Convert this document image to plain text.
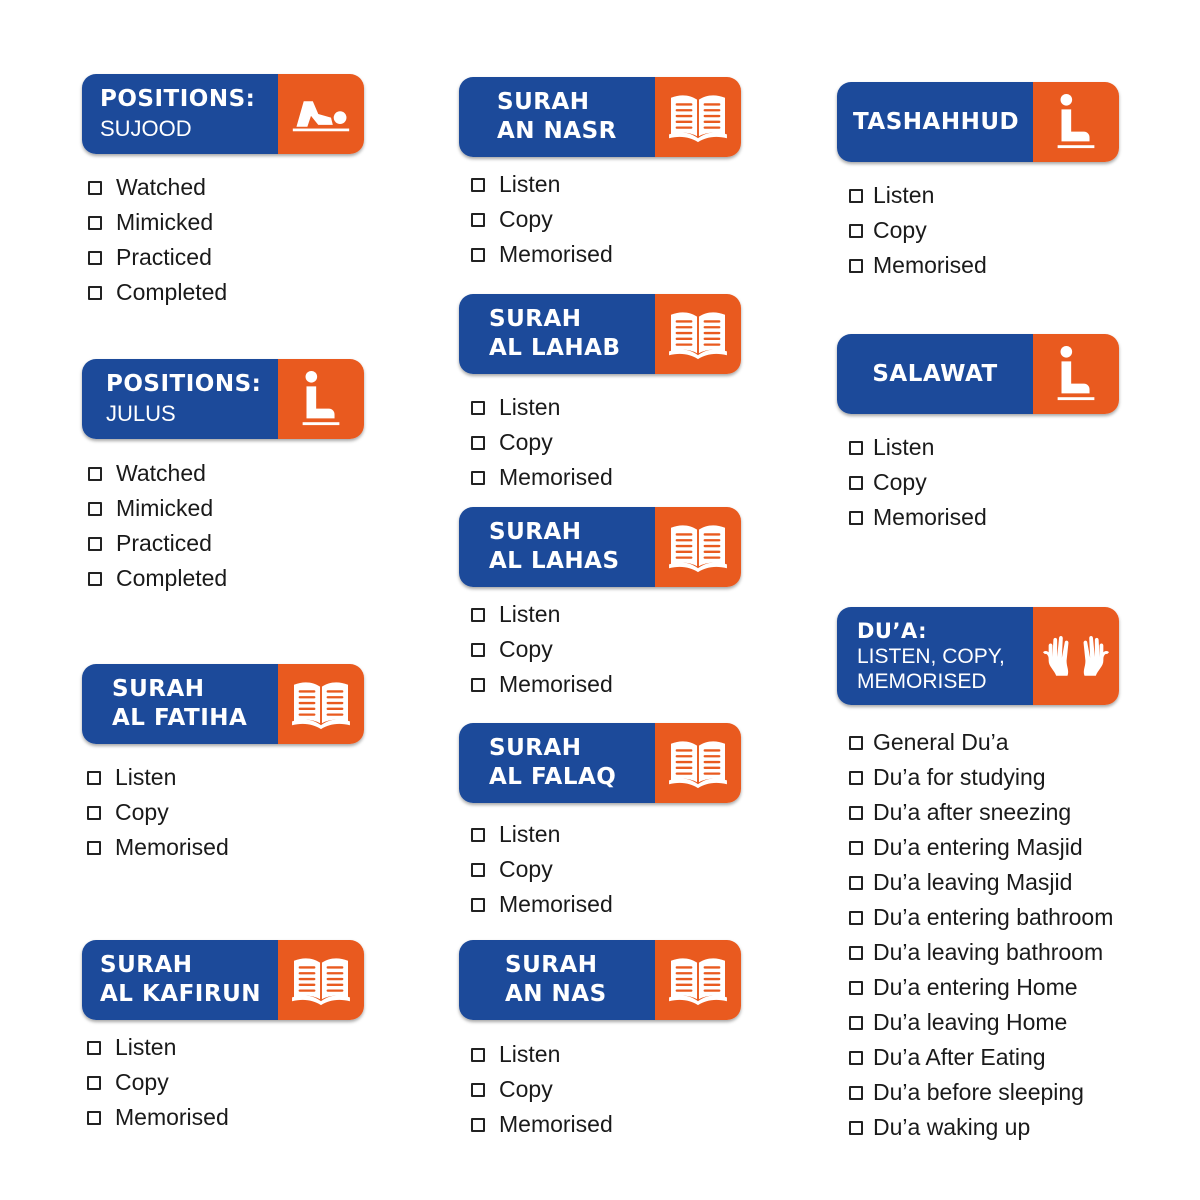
POSITIONS:
SUJOOD
Watched
Mimicked
Practiced
Completed
POSITIONS:
JULUS
Watched
Mimicked
Practiced
Completed
SURAH
AL FATIHA
Listen
Copy
Memorised
SURAH
AL KAFIRUN
Listen
Copy
Memorised
SURAH
AN NASR
Listen
Copy
Memorised
SURAH
AL LAHAB
Listen
Copy
Memorised
SURAH
AL LAHAS
Listen
Copy
Memorised
SURAH
AL FALAQ
Listen
Copy
Memorised
SURAH
AN NAS
Listen
Copy
Memorised
TASHAHHUD
Listen
Copy
Memorised
SALAWAT
Listen
Copy
Memorised
DU’A:
LISTEN, COPY,
MEMORISED
General Du’a
Du’a for studying
Du’a after sneezing
Du’a entering Masjid
Du’a leaving Masjid
Du’a entering bathroom
Du’a leaving bathroom
Du’a entering Home
Du’a leaving Home
Du’a After Eating
Du’a before sleeping
Du’a waking up
